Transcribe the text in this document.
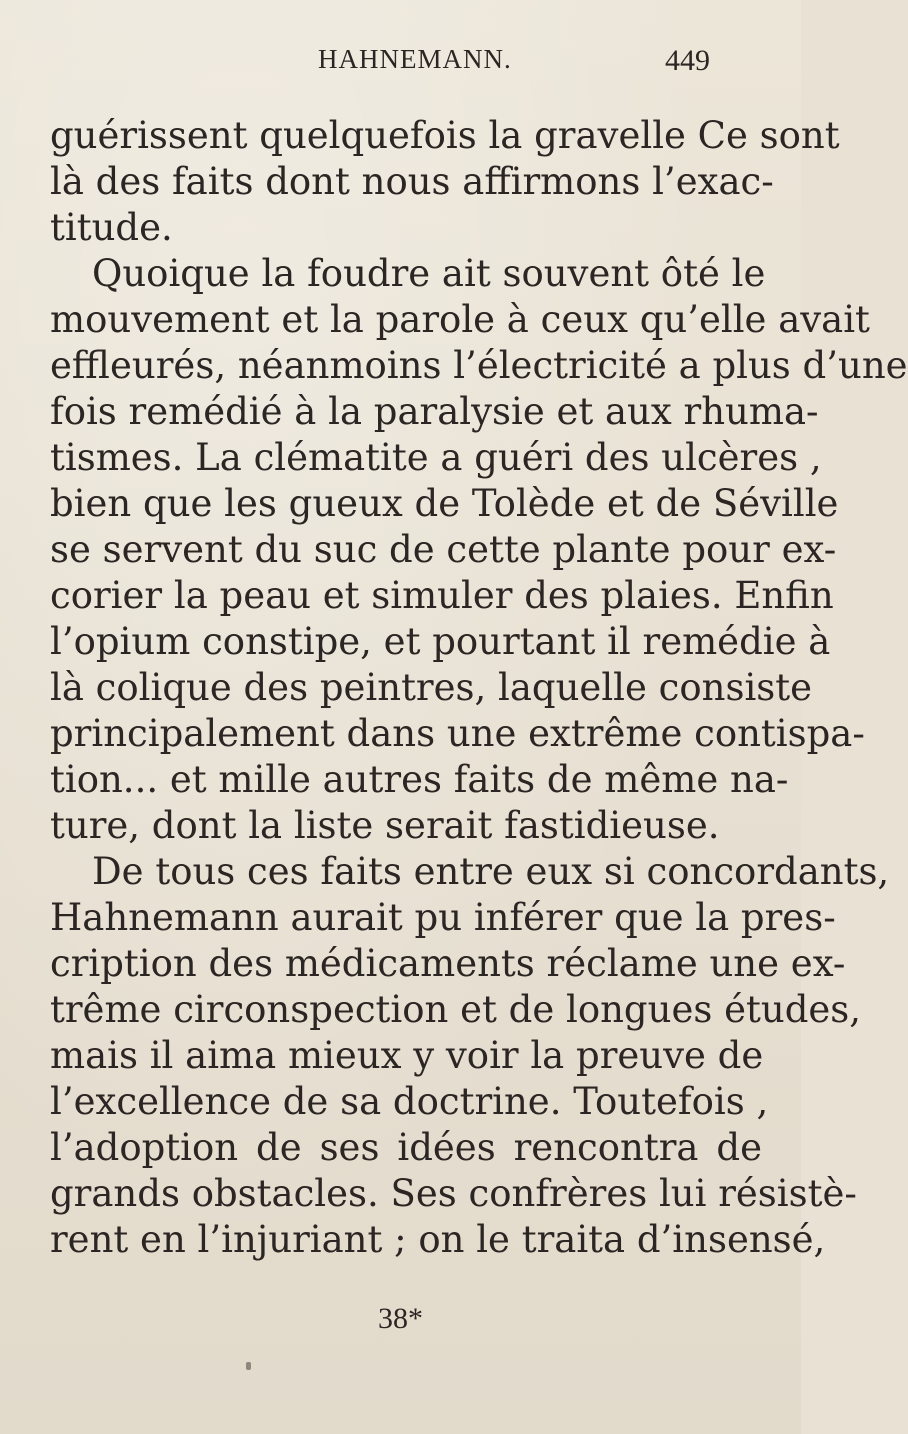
HAHNEMANN.	449
guérissent quelquefois la gravelle Ce sont
là des faits dont nous affirmons l’exac-
titude.
Quoique la foudre ait souvent ôté le
mouvement et la parole à ceux qu’elle avait
effleurés, néanmoins l’électricité a plus d’une
fois remédié à la paralysie et aux rhuma-
tismes. La clématite a guéri des ulcères ,
bien que les gueux de Tolède et de Séville
se servent du suc de cette plante pour ex-
corier la peau et simuler des plaies. Enfin
l’opium constipe, et pourtant il remédie à
là colique des peintres, laquelle consiste
principalement dans une extrême contispa-
tion... et mille autres faits de même na-
ture, dont la liste serait fastidieuse.
De tous ces faits entre eux si concordants,
Hahnemann aurait pu inférer que la pres-
cription des médicaments réclame une ex-
trême circonspection et de longues études,
mais il aima mieux y voir la preuve de
l’excellence de sa doctrine. Toutefois ,
l’adoption de ses idées rencontra de
grands obstacles. Ses confrères lui résistè-
rent en l’injuriant ; on le traita d’insensé,
38*
